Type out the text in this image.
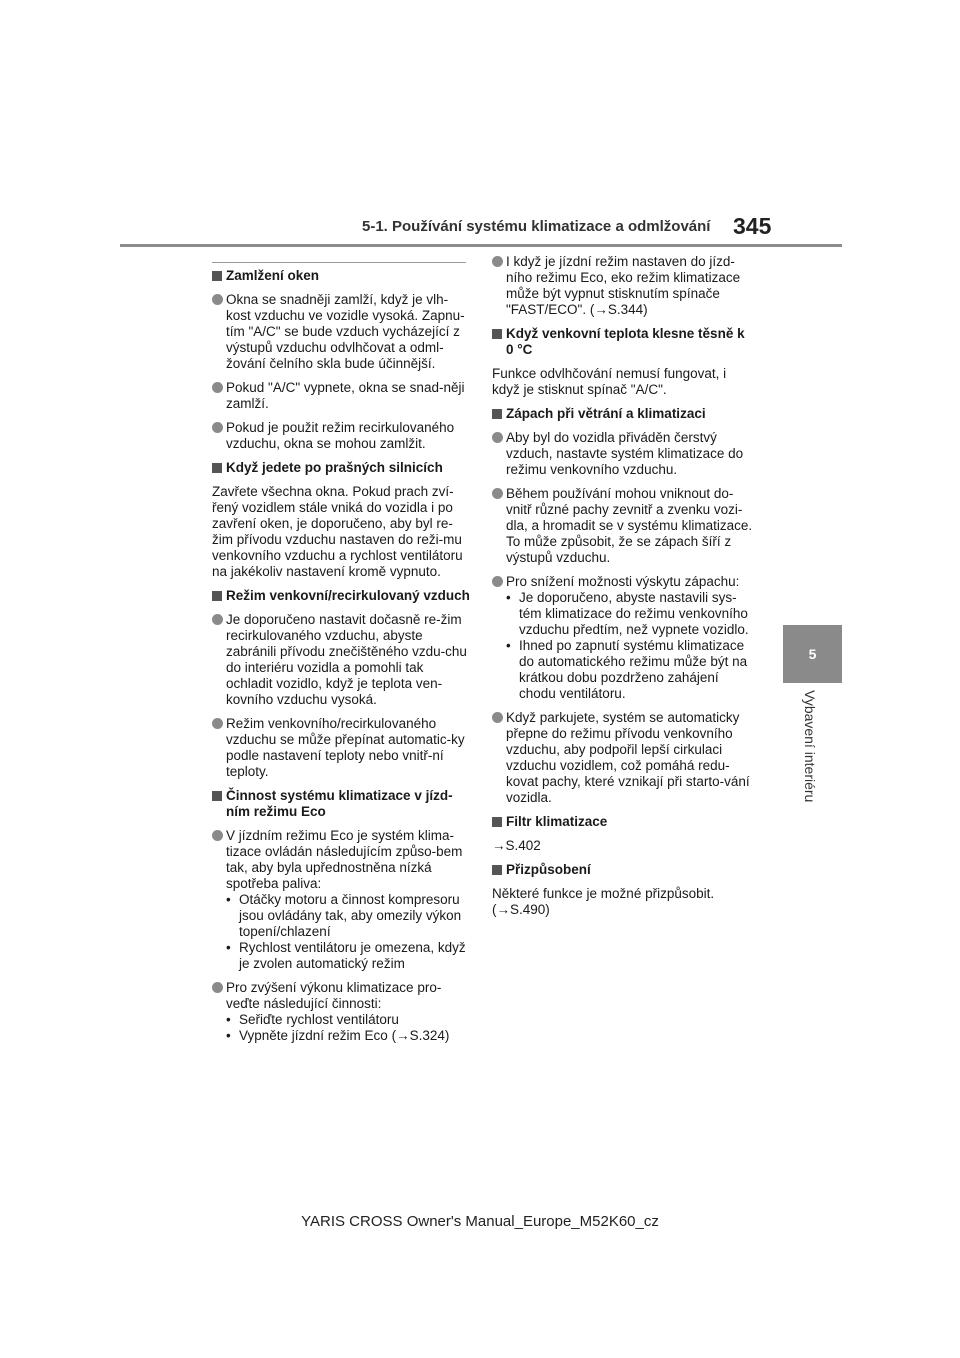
5-1. Používání systému klimatizace a odmlžování 345
5
Vybavení interiéru
Zamlžení oken
Okna se snadněji zamlží, když je vlh-kost vzduchu ve vozidle vysoká. Zapnu-tím "A/C" se bude vzduch vycházející z výstupů vzduchu odvlhčovat a odml-žování čelního skla bude účinnější.
Pokud "A/C" vypnete, okna se snad-něji zamlží.
Pokud je použit režim recirkulovaného vzduchu, okna se mohou zamlžit.
Když jedete po prašných silnicích
Zavřete všechna okna. Pokud prach zví-řený vozidlem stále vniká do vozidla i po zavření oken, je doporučeno, aby byl re-žim přívodu vzduchu nastaven do reži-mu venkovního vzduchu a rychlost ventilátoru na jakékoliv nastavení kromě vypnuto.
Režim venkovní/recirkulovaný vzduch
Je doporučeno nastavit dočasně re-žim recirkulovaného vzduchu, abyste zabránili přívodu znečištěného vzdu-chu do interiéru vozidla a pomohli tak ochladit vozidlo, když je teplota ven-kovního vzduchu vysoká.
Režim venkovního/recirkulovaného vzduchu se může přepínat automatic-ky podle nastavení teploty nebo vnitř-ní teploty.
Činnost systému klimatizace v jízd-ním režimu Eco
V jízdním režimu Eco je systém klima-tizace ovládán následujícím způso-bem tak, aby byla upřednostněna nízká spotřeba paliva:
• Otáčky motoru a činnost kompresoru jsou ovládány tak, aby omezily výkon topení/chlazení
• Rychlost ventilátoru je omezena, když je zvolen automatický režim
Pro zvýšení výkonu klimatizace pro-veďte následující činnosti:
• Seřiďte rychlost ventilátoru
• Vypněte jízdní režim Eco (→S.324)
I když je jízdní režim nastaven do jízd-ního režimu Eco, eko režim klimatizace může být vypnut stisknutím spínače "FAST/ECO". (→S.344)
Když venkovní teplota klesne těsně k 0 °C
Funkce odvlhčování nemusí fungovat, i když je stisknut spínač "A/C".
Zápach při větrání a klimatizaci
Aby byl do vozidla přiváděn čerstvý vzduch, nastavte systém klimatizace do režimu venkovního vzduchu.
Během používání mohou vniknout do-vnitř různé pachy zevnitř a zvenku vozi-dla, a hromadit se v systému klimatizace. To může způsobit, že se zápach šíří z výstupů vzduchu.
Pro snížení možnosti výskytu zápachu:
• Je doporučeno, abyste nastavili sys-tém klimatizace do režimu venkovního vzduchu předtím, než vypnete vozidlo.
• Ihned po zapnutí systému klimatizace do automatického režimu může být na krátkou dobu pozdrženo zahájení chodu ventilátoru.
Když parkujete, systém se automaticky přepne do režimu přívodu venkovního vzduchu, aby podpořil lepší cirkulaci vzduchu vozidlem, což pomáhá redu-kovat pachy, které vznikají při starto-vání vozidla.
Filtr klimatizace
→S.402
Přizpůsobení
Některé funkce je možné přizpůsobit. (→S.490)
YARIS CROSS Owner's Manual_Europe_M52K60_cz
